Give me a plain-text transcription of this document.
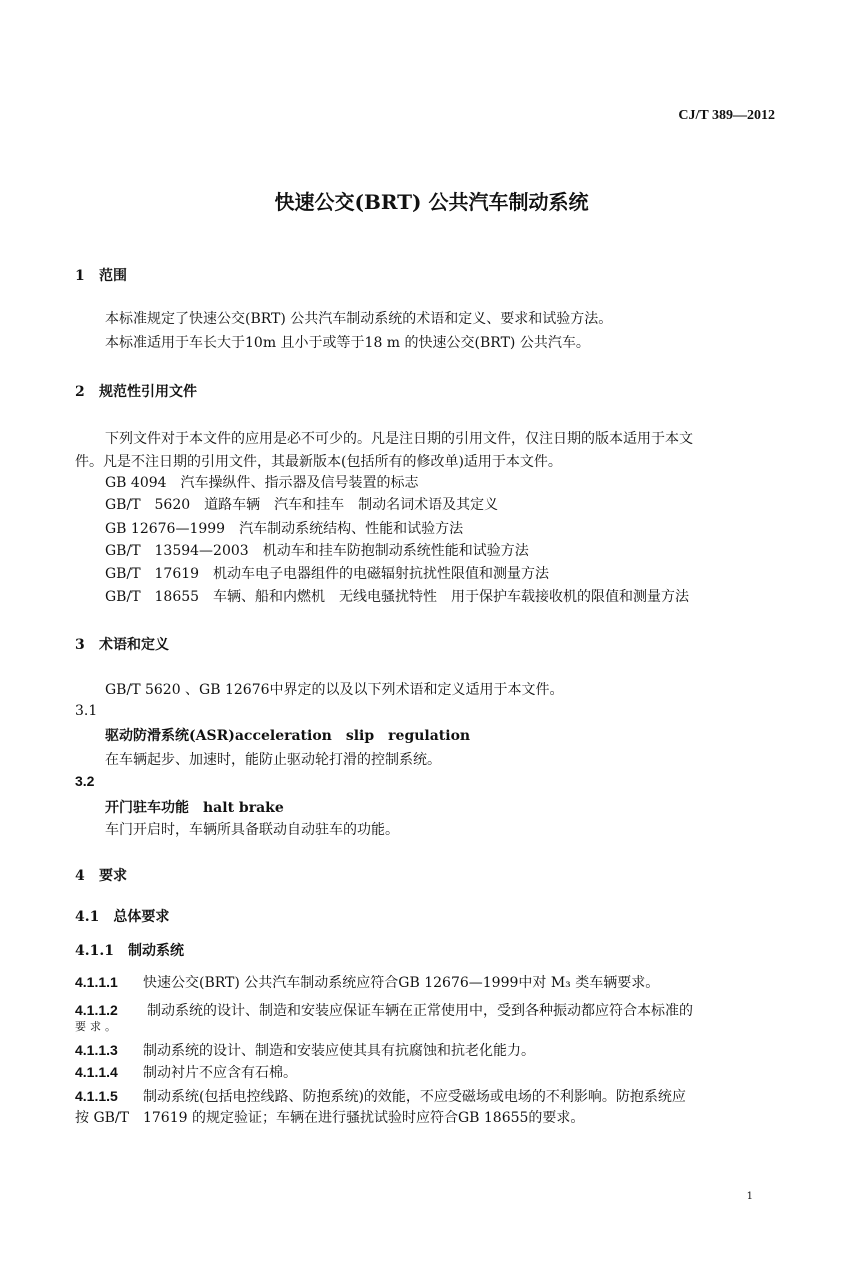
CJ/T 389—2012
快速公交(BRT) 公共汽车制动系统
1 范围
本标准规定了快速公交(BRT) 公共汽车制动系统的术语和定义、要求和试验方法。
本标准适用于车长大于10m 且小于或等于18 m 的快速公交(BRT) 公共汽车。
2 规范性引用文件
下列文件对于本文件的应用是必不可少的。凡是注日期的引用文件，仅注日期的版本适用于本文
件。凡是不注日期的引用文件，其最新版本(包括所有的修改单)适用于本文件。
GB 4094　汽车操纵件、指示器及信号装置的标志
GB/T　5620　道路车辆　汽车和挂车　制动名词术语及其定义
GB 12676—1999　汽车制动系统结构、性能和试验方法
GB/T　13594—2003　机动车和挂车防抱制动系统性能和试验方法
GB/T　17619　机动车电子电器组件的电磁辐射抗扰性限值和测量方法
GB/T　18655　车辆、船和内燃机　无线电骚扰特性　用于保护车载接收机的限值和测量方法
3 术语和定义
GB/T 5620 、GB 12676中界定的以及以下列术语和定义适用于本文件。
3.1
驱动防滑系统(ASR)acceleration　slip　regulation
在车辆起步、加速时，能防止驱动轮打滑的控制系统。
3.2
开门驻车功能　halt brake
车门开启时，车辆所具备联动自动驻车的功能。
4 要求
4.1　总体要求
4.1.1　制动系统
4.1.1.1 快速公交(BRT) 公共汽车制动系统应符合GB 12676—1999中对 M₃ 类车辆要求。
4.1.1.2 制动系统的设计、制造和安装应保证车辆在正常使用中，受到各种振动都应符合本标准的
要求。
4.1.1.3 制动系统的设计、制造和安装应使其具有抗腐蚀和抗老化能力。
4.1.1.4 制动衬片不应含有石棉。
4.1.1.5 制动系统(包括电控线路、防抱系统)的效能，不应受磁场或电场的不利影响。防抱系统应
按 GB/T　17619 的规定验证；车辆在进行骚扰试验时应符合GB 18655的要求。
1
